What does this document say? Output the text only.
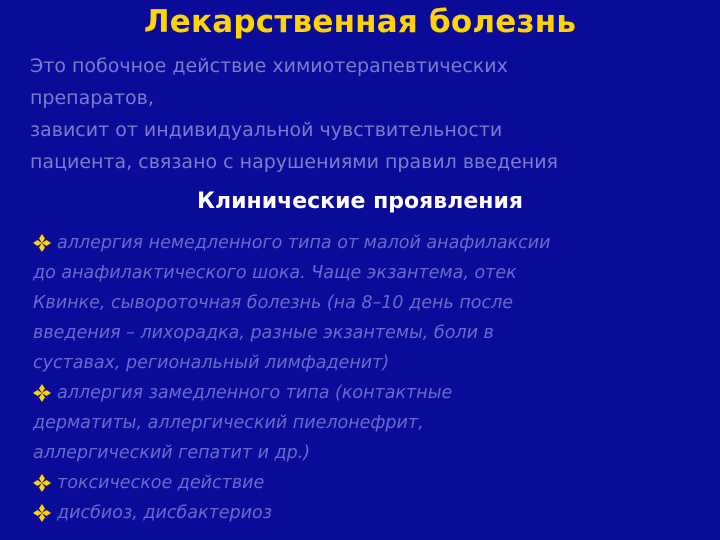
Лекарственная болезнь
Это побочное действие химиотерапевтических
препаратов,
зависит от индивидуальной чувствительности
пациента, связано с нарушениями правил введения
Клинические проявления
аллергия немедленного типа от малой анафилаксии
до анафилактического шока. Чаще экзантема, отек
Квинке, сывороточная болезнь (на 8–10 день после
введения – лихорадка, разные экзантемы, боли в
суставах, региональный лимфаденит)
аллергия замедленного типа (контактные
дерматиты, аллергический пиелонефрит,
аллергический гепатит и др.)
токсическое действие
дисбиоз, дисбактериоз
